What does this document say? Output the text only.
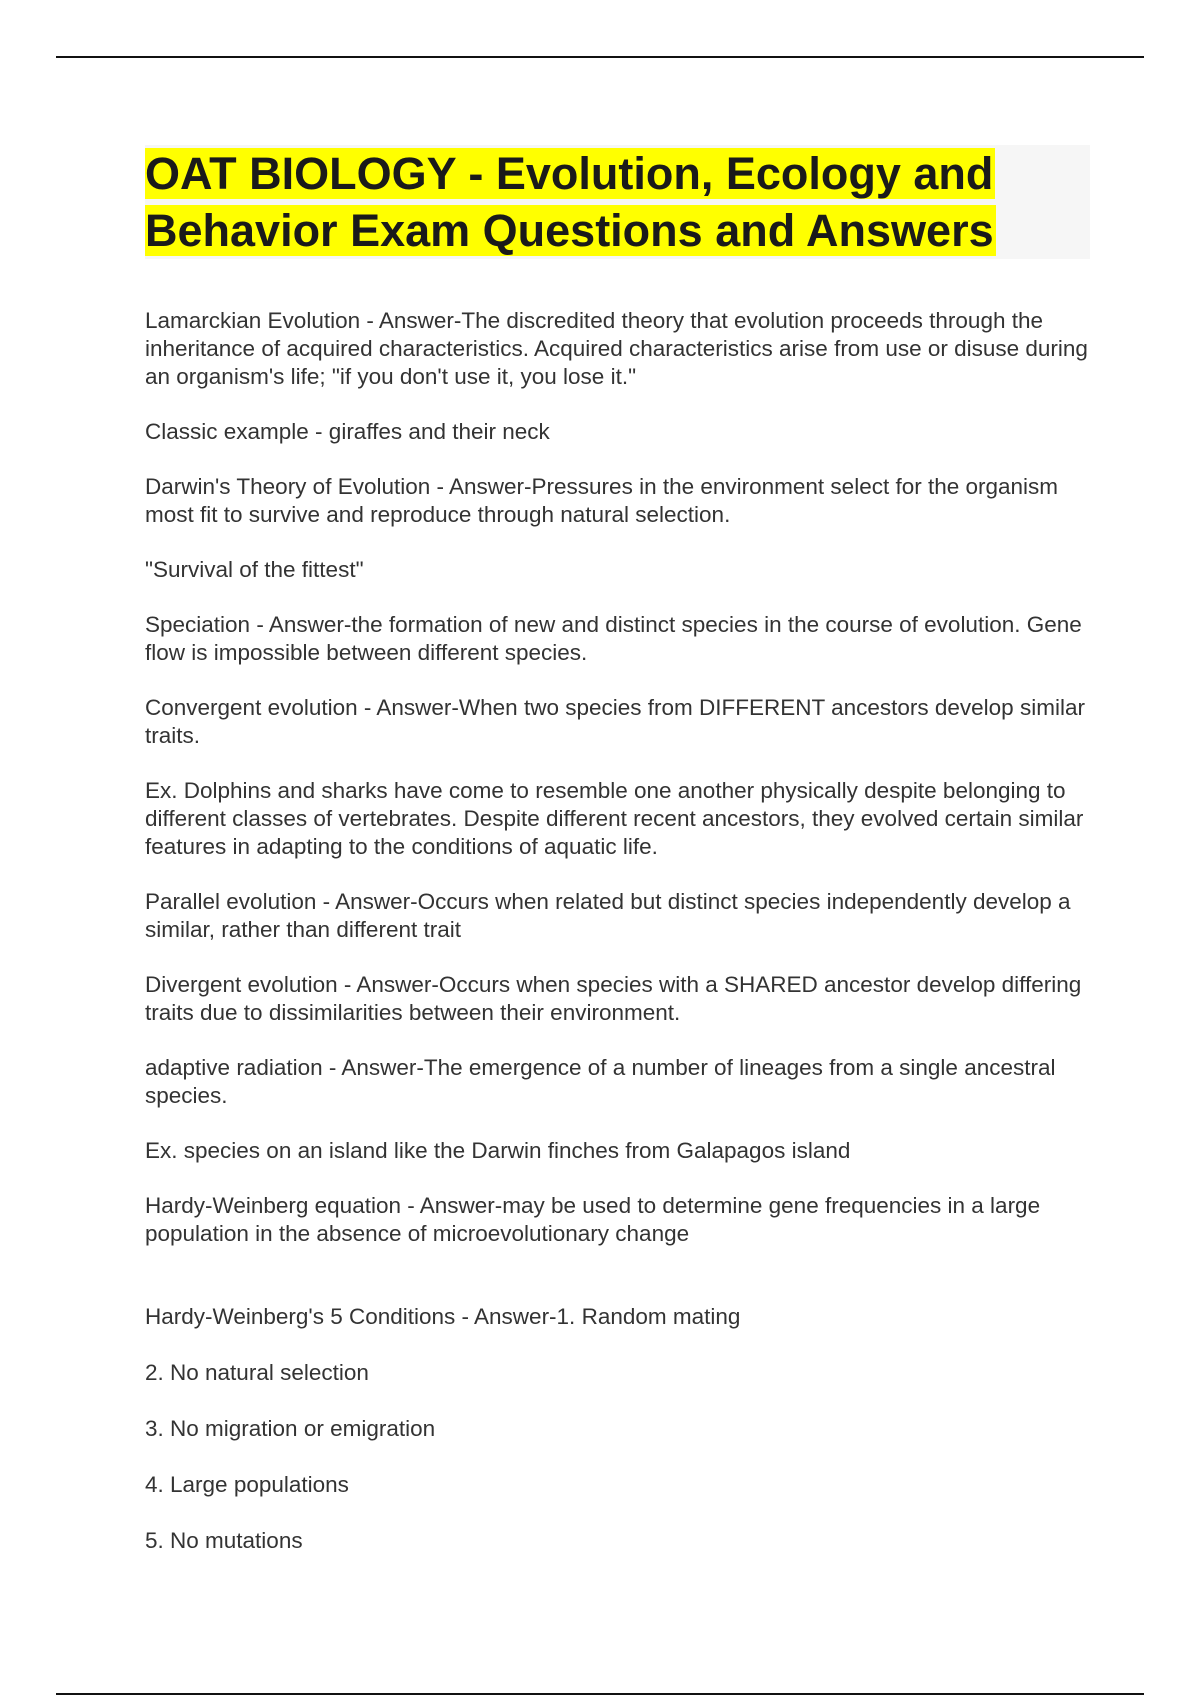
OAT BIOLOGY - Evolution, Ecology and
Behavior Exam Questions and Answers

Lamarckian Evolution - Answer-The discredited theory that evolution proceeds through the inheritance of acquired characteristics. Acquired characteristics arise from use or disuse during an organism's life; "if you don't use it, you lose it."

Classic example - giraffes and their neck

Darwin's Theory of Evolution - Answer-Pressures in the environment select for the organism most fit to survive and reproduce through natural selection.

"Survival of the fittest"

Speciation - Answer-the formation of new and distinct species in the course of evolution. Gene flow is impossible between different species.

Convergent evolution - Answer-When two species from DIFFERENT ancestors develop similar traits.

Ex. Dolphins and sharks have come to resemble one another physically despite belonging to different classes of vertebrates. Despite different recent ancestors, they evolved certain similar features in adapting to the conditions of aquatic life.

Parallel evolution - Answer-Occurs when related but distinct species independently develop a similar, rather than different trait

Divergent evolution - Answer-Occurs when species with a SHARED ancestor develop differing traits due to dissimilarities between their environment.

adaptive radiation - Answer-The emergence of a number of lineages from a single ancestral species.

Ex. species on an island like the Darwin finches from Galapagos island

Hardy-Weinberg equation - Answer-may be used to determine gene frequencies in a large population in the absence of microevolutionary change

Hardy-Weinberg's 5 Conditions - Answer-1. Random mating

2. No natural selection

3. No migration or emigration

4. Large populations

5. No mutations
